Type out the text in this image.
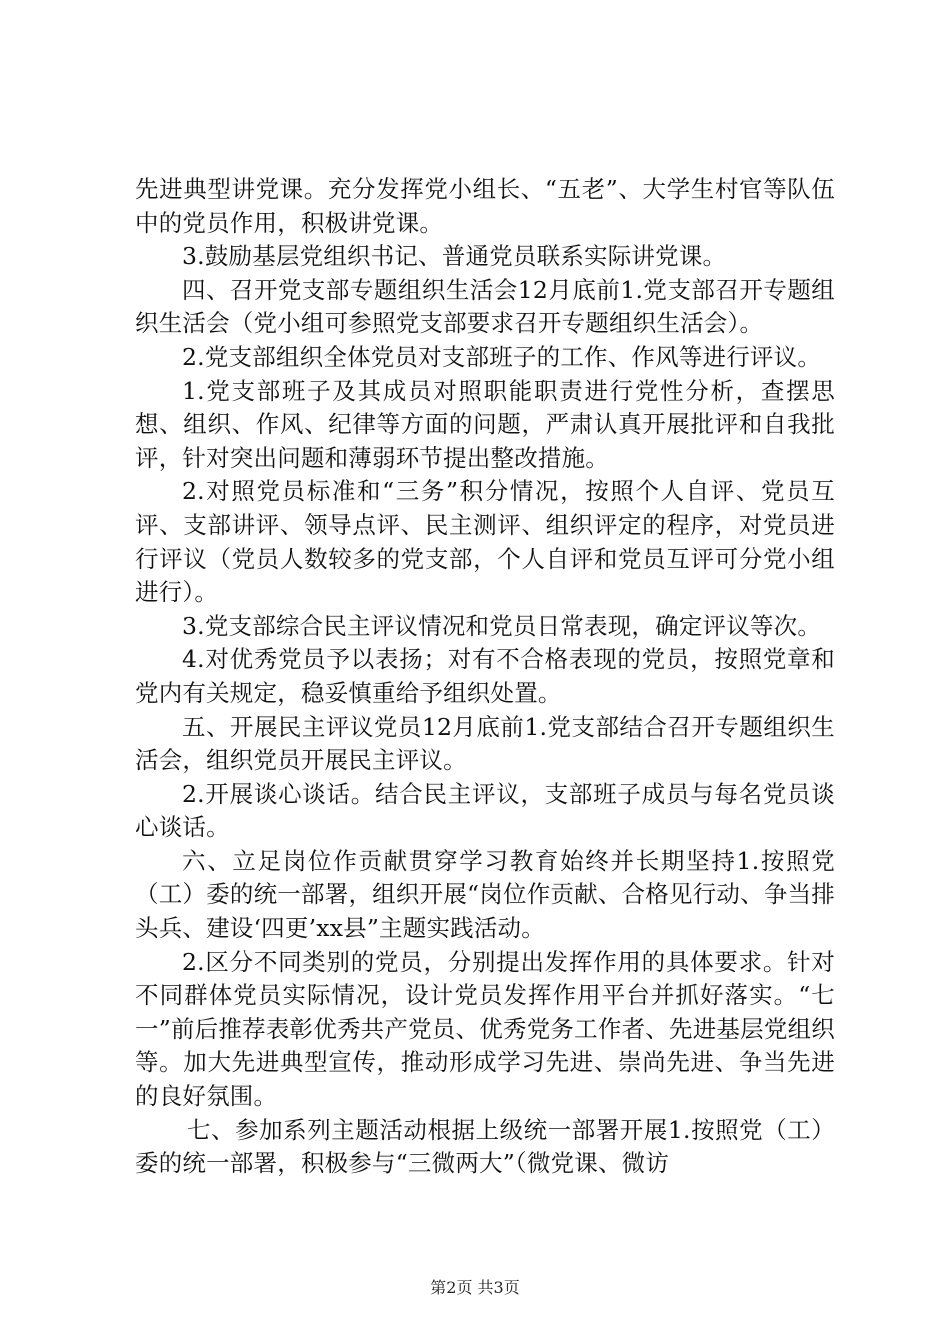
先进典型讲党课。充分发挥党小组长、“五老”、大学生村官等队伍中的党员作用，积极讲党课。

3.鼓励基层党组织书记、普通党员联系实际讲党课。

四、召开党支部专题组织生活会12月底前1.党支部召开专题组织生活会（党小组可参照党支部要求召开专题组织生活会）。

2.党支部组织全体党员对支部班子的工作、作风等进行评议。

1.党支部班子及其成员对照职能职责进行党性分析，查摆思想、组织、作风、纪律等方面的问题，严肃认真开展批评和自我批评，针对突出问题和薄弱环节提出整改措施。

2.对照党员标准和“三务”积分情况，按照个人自评、党员互评、支部讲评、领导点评、民主测评、组织评定的程序，对党员进行评议（党员人数较多的党支部，个人自评和党员互评可分党小组进行）。

3.党支部综合民主评议情况和党员日常表现，确定评议等次。

4.对优秀党员予以表扬；对有不合格表现的党员，按照党章和党内有关规定，稳妥慎重给予组织处置。

五、开展民主评议党员12月底前1.党支部结合召开专题组织生活会，组织党员开展民主评议。

2.开展谈心谈话。结合民主评议，支部班子成员与每名党员谈心谈话。

六、立足岗位作贡献贯穿学习教育始终并长期坚持1.按照党（工）委的统一部署，组织开展“岗位作贡献、合格见行动、争当排头兵、建设‘四更’xx县”主题实践活动。

2.区分不同类别的党员，分别提出发挥作用的具体要求。针对不同群体党员实际情况，设计党员发挥作用平台并抓好落实。“七一”前后推荐表彰优秀共产党员、优秀党务工作者、先进基层党组织等。加大先进典型宣传，推动形成学习先进、崇尚先进、争当先进的良好氛围。

七、参加系列主题活动根据上级统一部署开展1.按照党（工）委的统一部署，积极参与“三微两大”（微党课、微访

第2页 共3页
